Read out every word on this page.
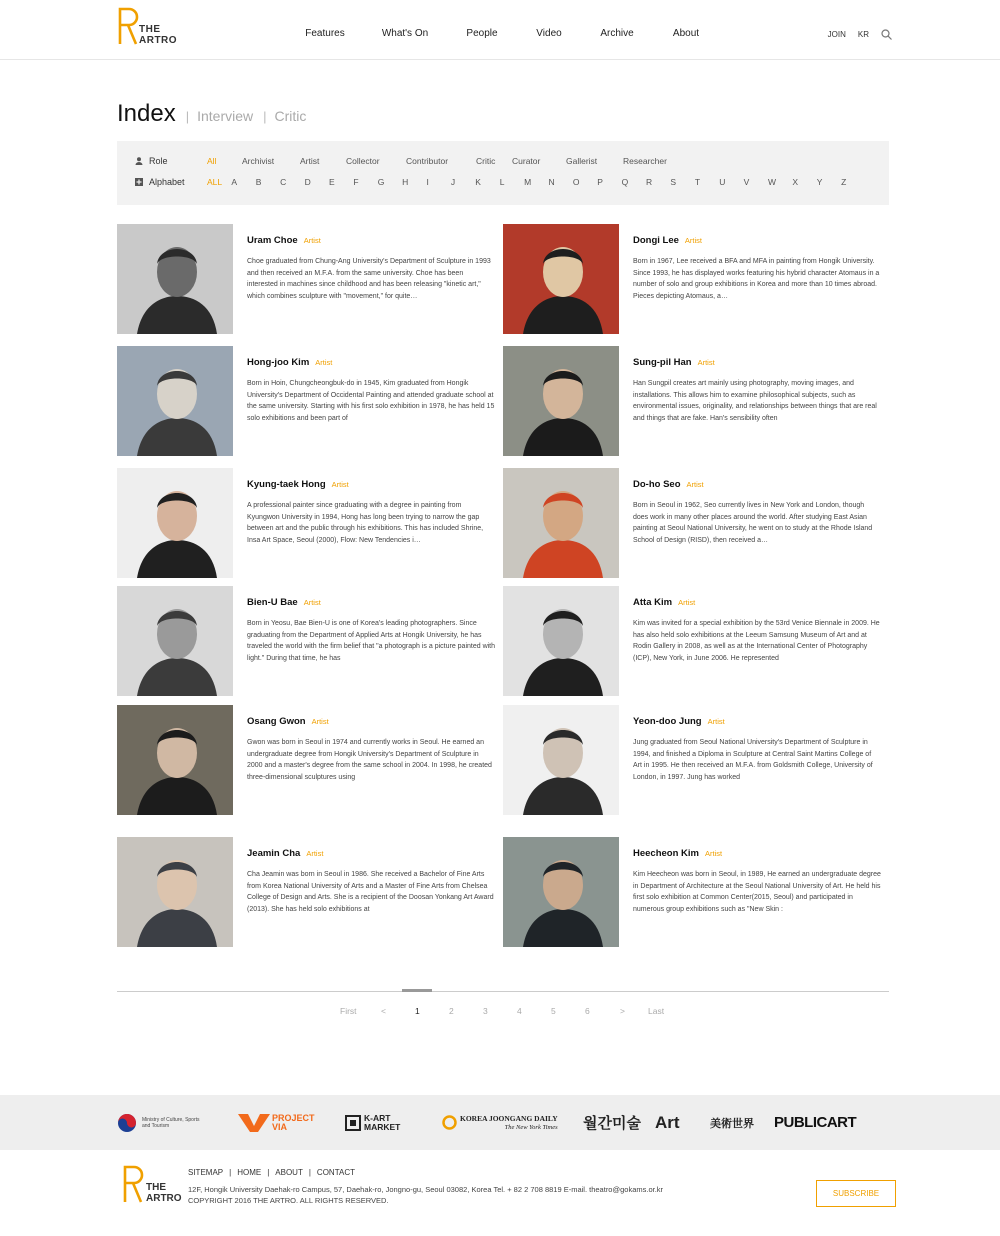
THE
ARTRO
Features	What's On	People	Video	Archive	About	JOIN KR
Index | Interview | Critic
Role	All	Archivist	Artist	Collector	Contributor	Critic	Curator	Gallerist	Researcher
Alphabet	ALL	A	B	C	D	E	F	G	H	I	J	K	L	M	N	O	P	Q	R	S	T	U	V	W	X	Y	Z
Uram Choe Artist
Choe graduated from Chung-Ang University's Department of Sculpture in 1993 and then received an M.F.A. from the same university. Choe has been interested in machines since childhood and has been releasing "kinetic art," which combines sculpture with "movement," for quite…
Dongi Lee Artist
Born in 1967, Lee received a BFA and MFA in painting from Hongik University. Since 1993, he has displayed works featuring his hybrid character Atomaus in a number of solo and group exhibitions in Korea and more than 10 times abroad. Pieces depicting Atomaus, a…
Hong-joo Kim Artist
Born in Hoin, Chungcheongbuk-do in 1945, Kim graduated from Hongik University's Department of Occidental Painting and attended graduate school at the same university. Starting with his first solo exhibition in 1978, he has held 15 solo exhibitions and been part of
Sung-pil Han Artist
Han Sungpil creates art mainly using photography, moving images, and installations. This allows him to examine philosophical subjects, such as environmental issues, originality, and relationships between things that are real and things that are fake. Han's sensibility often
Kyung-taek Hong Artist
A professional painter since graduating with a degree in painting from Kyungwon University in 1994, Hong has long been trying to narrow the gap between art and the public through his exhibitions. This has included Shrine, Insa Art Space, Seoul (2000), Flow: New Tendencies i…
Do-ho Seo Artist
Born in Seoul in 1962, Seo currently lives in New York and London, though does work in many other places around the world. After studying East Asian painting at Seoul National University, he went on to study at the Rhode Island School of Design (RISD), then received a…
Bien-U Bae Artist
Born in Yeosu, Bae Bien-U is one of Korea's leading photographers. Since graduating from the Department of Applied Arts at Hongik University, he has traveled the world with the firm belief that "a photograph is a picture painted with light." During that time, he has
Atta Kim Artist
Kim was invited for a special exhibition by the 53rd Venice Biennale in 2009. He has also held solo exhibitions at the Leeum Samsung Museum of Art and at Rodin Gallery in 2008, as well as at the International Center of Photography (ICP), New York, in June 2006. He represented
Osang Gwon Artist
Gwon was born in Seoul in 1974 and currently works in Seoul. He earned an undergraduate degree from Hongik University's Department of Sculpture in 2000 and a master's degree from the same school in 2004. In 1998, he created three-dimensional sculptures using
Yeon-doo Jung Artist
Jung graduated from Seoul National University's Department of Sculpture in 1994, and finished a Diploma in Sculpture at Central Saint Martins College of Art in 1995. He then received an M.F.A. from Goldsmith College, University of London, in 1997. Jung has worked
Jeamin Cha Artist
Cha Jeamin was born in Seoul in 1986. She received a Bachelor of Fine Arts from Korea National University of Arts and a Master of Fine Arts from Chelsea College of Design and Arts. She is a recipient of the Doosan Yonkang Art Award (2013). She has held solo exhibitions at
Heecheon Kim Artist
Kim Heecheon was born in Seoul, in 1989, He earned an undergraduate degree in Department of Architecture at the Seoul National University of Art. He held his first solo exhibition at Common Center(2015, Seoul) and participated in numerous group exhibitions such as "New Skin :
First	<	1	2	3	4	5	6	>	Last
Ministry of Culture, Sports
and Tourism
PROJECT
VIA
K-ART
MARKET
KOREA JOONGANG DAILY
The New York Times 월간미술 Art	美術世界 PUBLICART
THE
ARTRO
SITEMAP | HOME | ABOUT | CONTACT
12F, Hongik University Daehak-ro Campus, 57, Daehak-ro, Jongno-gu, Seoul 03082, Korea Tel. + 82 2 708 8819 E-mail. theatro@gokams.or.kr
COPYRIGHT 2016 THE ARTRO. ALL RIGHTS RESERVED.
SUBSCRIBE
